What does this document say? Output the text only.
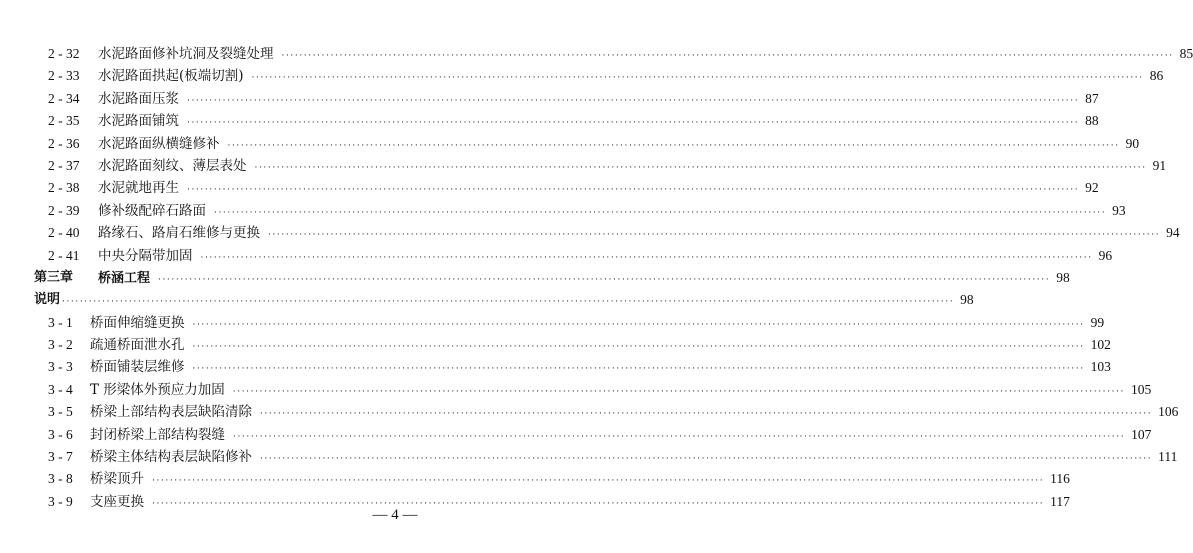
2 - 32 水泥路面修补坑洞及裂缝处理 ········································································································································································································ 85
2 - 33 水泥路面拱起(板端切割) ········································································································································································································ 86
2 - 34 水泥路面压浆 ········································································································································································································ 87
2 - 35 水泥路面铺筑 ········································································································································································································ 88
2 - 36 水泥路面纵横缝修补 ········································································································································································································ 90
2 - 37 水泥路面刻纹、薄层表处 ········································································································································································································ 91
2 - 38 水泥就地再生 ········································································································································································································ 92
2 - 39 修补级配碎石路面 ········································································································································································································ 93
2 - 40 路缘石、路肩石维修与更换 ········································································································································································································ 94
2 - 41 中央分隔带加固 ········································································································································································································ 96
第三章 桥涵工程 ········································································································································································································ 98
说明 ········································································································································································································ 98
3 - 1 桥面伸缩缝更换 ········································································································································································································ 99
3 - 2 疏通桥面泄水孔 ········································································································································································································ 102
3 - 3 桥面铺装层维修 ········································································································································································································ 103
3 - 4 T 形梁体外预应力加固 ········································································································································································································ 105
3 - 5 桥梁上部结构表层缺陷清除 ········································································································································································································ 106
3 - 6 封闭桥梁上部结构裂缝 ········································································································································································································ 107
3 - 7 桥梁主体结构表层缺陷修补 ········································································································································································································ 111
3 - 8 桥梁顶升 ········································································································································································································ 116
3 - 9 支座更换 ········································································································································································································ 117
— 4 —
